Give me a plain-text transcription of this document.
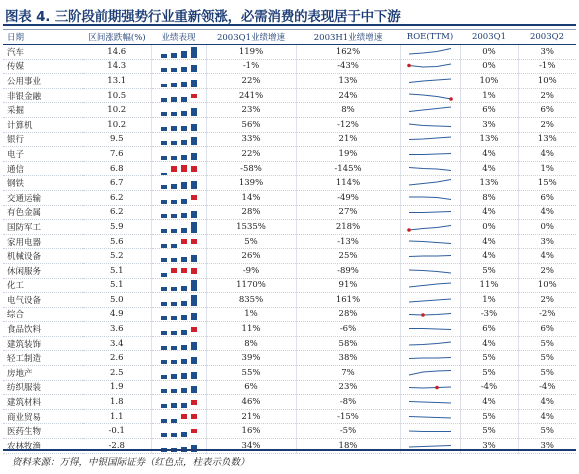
图表 4. 三阶段前期强势行业重新领涨，必需消费的表现居于中下游
日期	区间涨跌幅(%)	业绩表现	2003Q1业绩增速	2003H1业绩增速	ROE(TTM)	2003Q1	2003Q2
汽车	14.6		119%	162%		0%	3%
传媒	14.3		-1%	-43%		0%	-1%
公用事业	13.1		22%	13%		10%	10%
非银金融	10.5		241%	24%		1%	2%
采掘	10.2		23%	8%		6%	6%
计算机	10.2		56%	-12%		3%	2%
银行	9.5		33%	21%		13%	13%
电子	7.6		22%	19%		4%	4%
通信	6.8		-58%	-145%		4%	1%
钢铁	6.7		139%	114%		13%	15%
交通运输	6.2		14%	-49%		8%	6%
有色金属	6.2		28%	27%		4%	4%
国防军工	5.9		1535%	218%		0%	0%
家用电器	5.6		5%	-13%		4%	3%
机械设备	5.2		26%	25%		4%	4%
休闲服务	5.1		-9%	-89%		5%	2%
化工	5.1		1170%	91%		11%	10%
电气设备	5.0		835%	161%		1%	2%
综合	4.9		1%	28%		-3%	-2%
食品饮料	3.6		11%	-6%		6%	6%
建筑装饰	3.4		8%	58%		4%	5%
轻工制造	2.6		39%	38%		5%	5%
房地产	2.5		55%	7%		5%	5%
纺织服装	1.9		6%	23%		-4%	-4%
建筑材料	1.8		46%	-8%		4%	4%
商业贸易	1.1		21%	-15%		5%	4%
医药生物	-0.1		16%	-5%		5%	5%
农林牧渔	-2.8		34%	18%		3%	3%
资料来源：万得，中银国际证券（红色点，柱表示负数）
